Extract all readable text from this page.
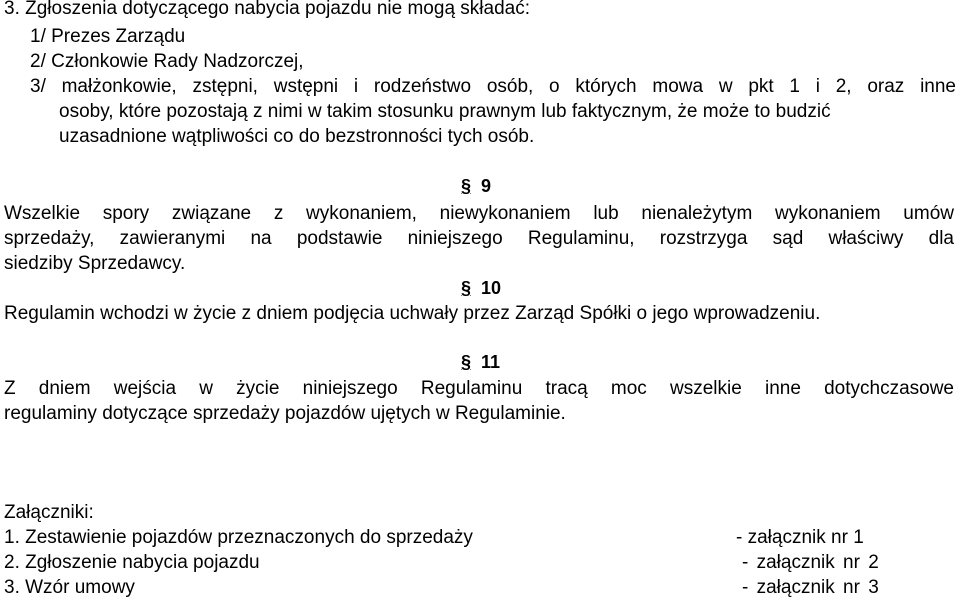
3. Zgłoszenia dotyczącego nabycia pojazdu nie mogą składać:
1/ Prezes Zarządu
2/ Członkowie Rady Nadzorczej,
3/ małżonkowie, zstępni, wstępni i rodzeństwo osób, o których mowa w pkt 1 i 2, oraz inne
osoby, które pozostają z nimi w takim stosunku prawnym lub faktycznym, że może to budzić
uzasadnione wątpliwości co do bezstronności tych osób.
§ 9
Wszelkie spory związane z wykonaniem, niewykonaniem lub nienależytym wykonaniem umów
sprzedaży, zawieranymi na podstawie niniejszego Regulaminu, rozstrzyga sąd właściwy dla
siedziby Sprzedawcy.
§ 10
Regulamin wchodzi w życie z dniem podjęcia uchwały przez Zarząd Spółki o jego wprowadzeniu.
§ 11
Z dniem wejścia w życie niniejszego Regulaminu tracą moc wszelkie inne dotychczasowe
regulaminy dotyczące sprzedaży pojazdów ujętych w Regulaminie.
Załączniki:
1. Zestawienie pojazdów przeznaczonych do sprzedaży	- załącznik nr 1
2. Zgłoszenie nabycia pojazdu	- załącznik nr 2
3. Wzór umowy	- załącznik nr 3
